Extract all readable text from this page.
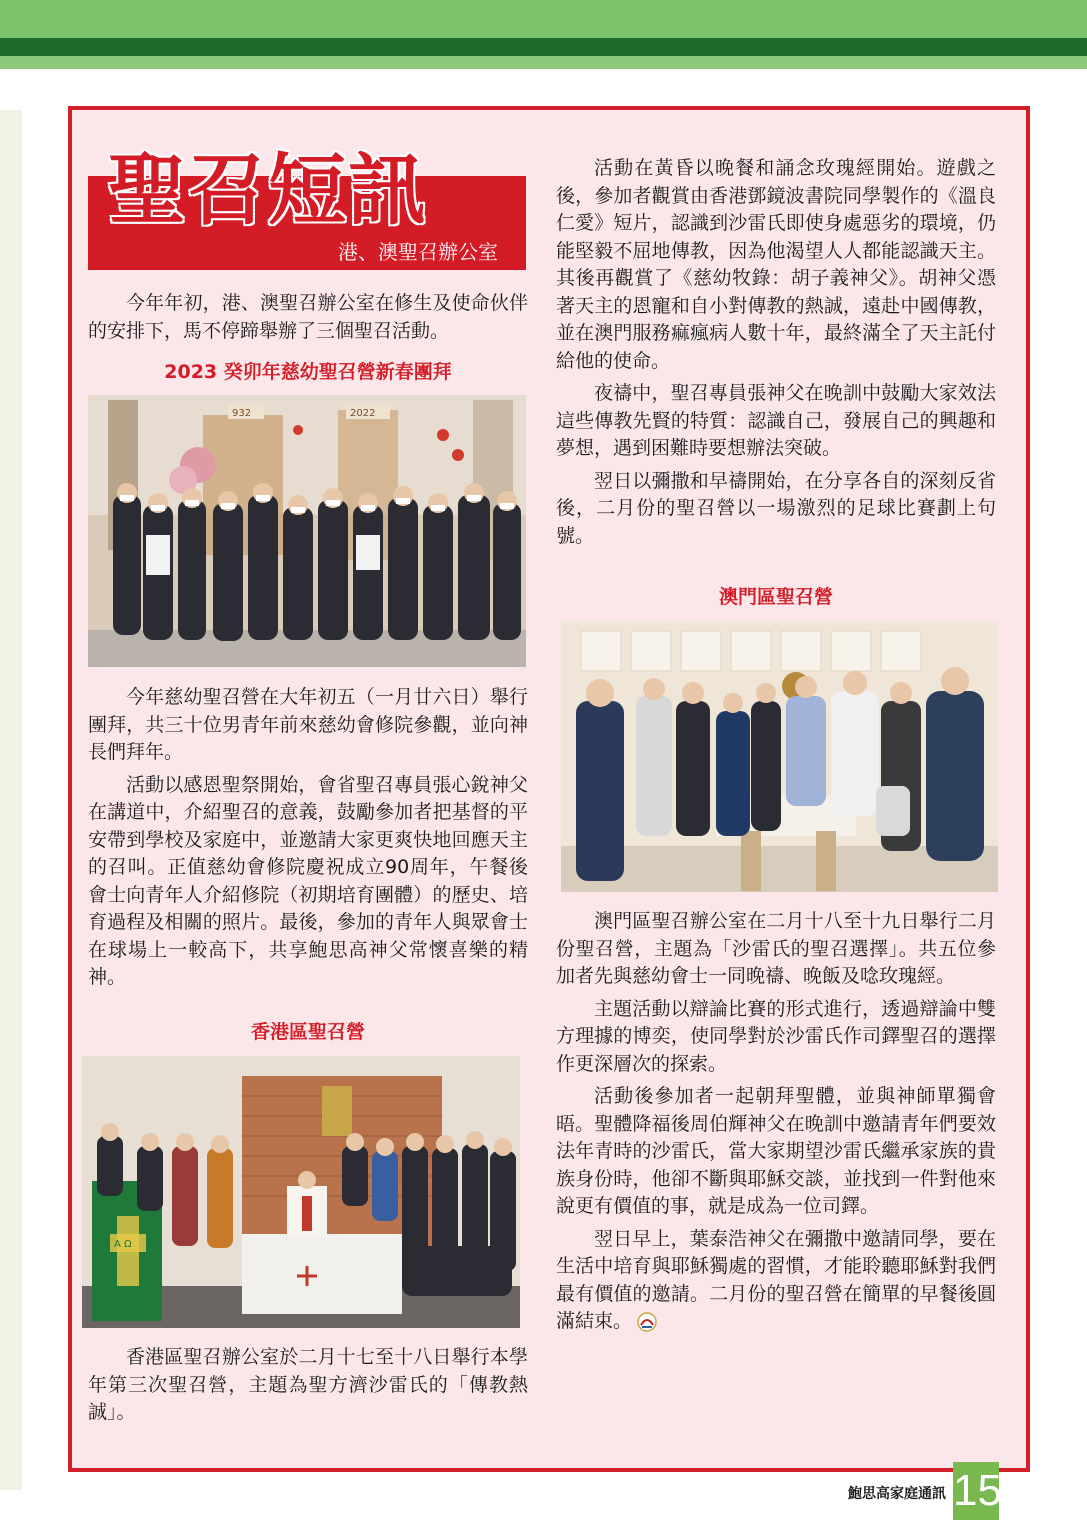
聖召短訊
港、澳聖召辦公室

今年年初，港、澳聖召辦公室在修生及使命伙伴的安排下，馬不停蹄舉辦了三個聖召活動。

2023 癸卯年慈幼聖召營新春團拜
932	2022

今年慈幼聖召營在大年初五（一月廿六日）舉行團拜，共三十位男青年前來慈幼會修院參觀，並向神長們拜年。

活動以感恩聖祭開始，會省聖召專員張心銳神父在講道中，介紹聖召的意義，鼓勵參加者把基督的平安帶到學校及家庭中，並邀請大家更爽快地回應天主的召叫。正值慈幼會修院慶祝成立90周年，午餐後會士向青年人介紹修院（初期培育團體）的歷史、培育過程及相關的照片。最後，參加的青年人與眾會士在球場上一較高下，共享鮑思高神父常懷喜樂的精神。

香港區聖召營
A Ω

香港區聖召辦公室於二月十七至十八日舉行本學年第三次聖召營，主題為聖方濟沙雷氏的「傳教熱誠」。

活動在黃昏以晚餐和誦念玫瑰經開始。遊戲之後，參加者觀賞由香港鄧鏡波書院同學製作的《溫良仁愛》短片，認識到沙雷氏即使身處惡劣的環境，仍能堅毅不屈地傳教，因為他渴望人人都能認識天主。其後再觀賞了《慈幼牧錄：胡子義神父》。胡神父憑著天主的恩寵和自小對傳教的熱誠，遠赴中國傳教，並在澳門服務痲瘋病人數十年，最終滿全了天主託付給他的使命。

夜禱中，聖召專員張神父在晚訓中鼓勵大家效法這些傳教先賢的特質：認識自己，發展自己的興趣和夢想，遇到困難時要想辦法突破。

翌日以彌撒和早禱開始，在分享各自的深刻反省後，二月份的聖召營以一場激烈的足球比賽劃上句號。

澳門區聖召營

澳門區聖召辦公室在二月十八至十九日舉行二月份聖召營，主題為「沙雷氏的聖召選擇」。共五位參加者先與慈幼會士一同晚禱、晚飯及唸玫瑰經。

主題活動以辯論比賽的形式進行，透過辯論中雙方理據的博奕，使同學對於沙雷氏作司鐸聖召的選擇作更深層次的探索。

活動後參加者一起朝拜聖體，並與神師單獨會晤。聖體降福後周伯輝神父在晚訓中邀請青年們要效法年青時的沙雷氏，當大家期望沙雷氏繼承家族的貴族身份時，他卻不斷與耶穌交談，並找到一件對他來說更有價值的事，就是成為一位司鐸。

翌日早上，葉泰浩神父在彌撒中邀請同學，要在生活中培育與耶穌獨處的習慣，才能聆聽耶穌對我們最有價值的邀請。二月份的聖召營在簡單的早餐後圓滿結束。

鮑思高家庭通訊 15
